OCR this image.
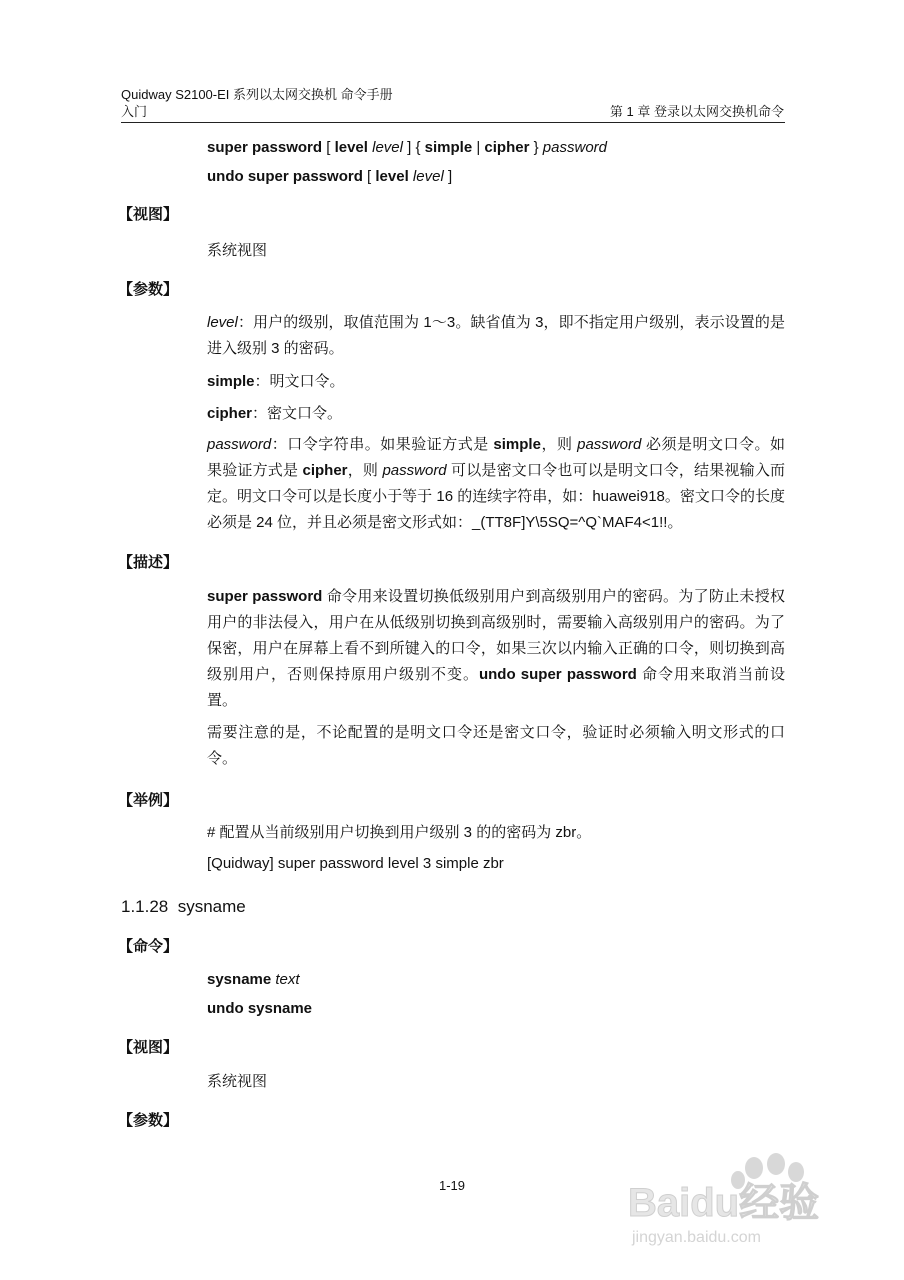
Quidway S2100-EI 系列以太网交换机 命令手册
入门	第 1 章 登录以太网交换机命令
super password [ level level ] { simple | cipher } password
undo super password [ level level ]
【视图】
系统视图
【参数】
level：用户的级别，取值范围为 1～3。缺省值为 3，即不指定用户级别，表示设置的是进入级别 3 的密码。
simple：明文口令。
cipher：密文口令。
password：口令字符串。如果验证方式是 simple，则 password 必须是明文口令。如果验证方式是 cipher，则 password 可以是密文口令也可以是明文口令，结果视输入而定。明文口令可以是长度小于等于 16 的连续字符串，如：huawei918。密文口令的长度必须是 24 位，并且必须是密文形式如：_(TT8F]Y\5SQ=^Q`MAF4<1!!。
【描述】
super password 命令用来设置切换低级别用户到高级别用户的密码。为了防止未授权用户的非法侵入，用户在从低级别切换到高级别时，需要输入高级别用户的密码。为了保密，用户在屏幕上看不到所键入的口令，如果三次以内输入正确的口令，则切换到高级别用户，否则保持原用户级别不变。undo super password 命令用来取消当前设置。
需要注意的是，不论配置的是明文口令还是密文口令，验证时必须输入明文形式的口令。
【举例】
# 配置从当前级别用户切换到用户级别 3 的的密码为 zbr。
[Quidway] super password level 3 simple zbr
1.1.28 sysname
【命令】
sysname text
undo sysname
【视图】
系统视图
【参数】
1-19	Baidu经验
jingyan.baidu.com
